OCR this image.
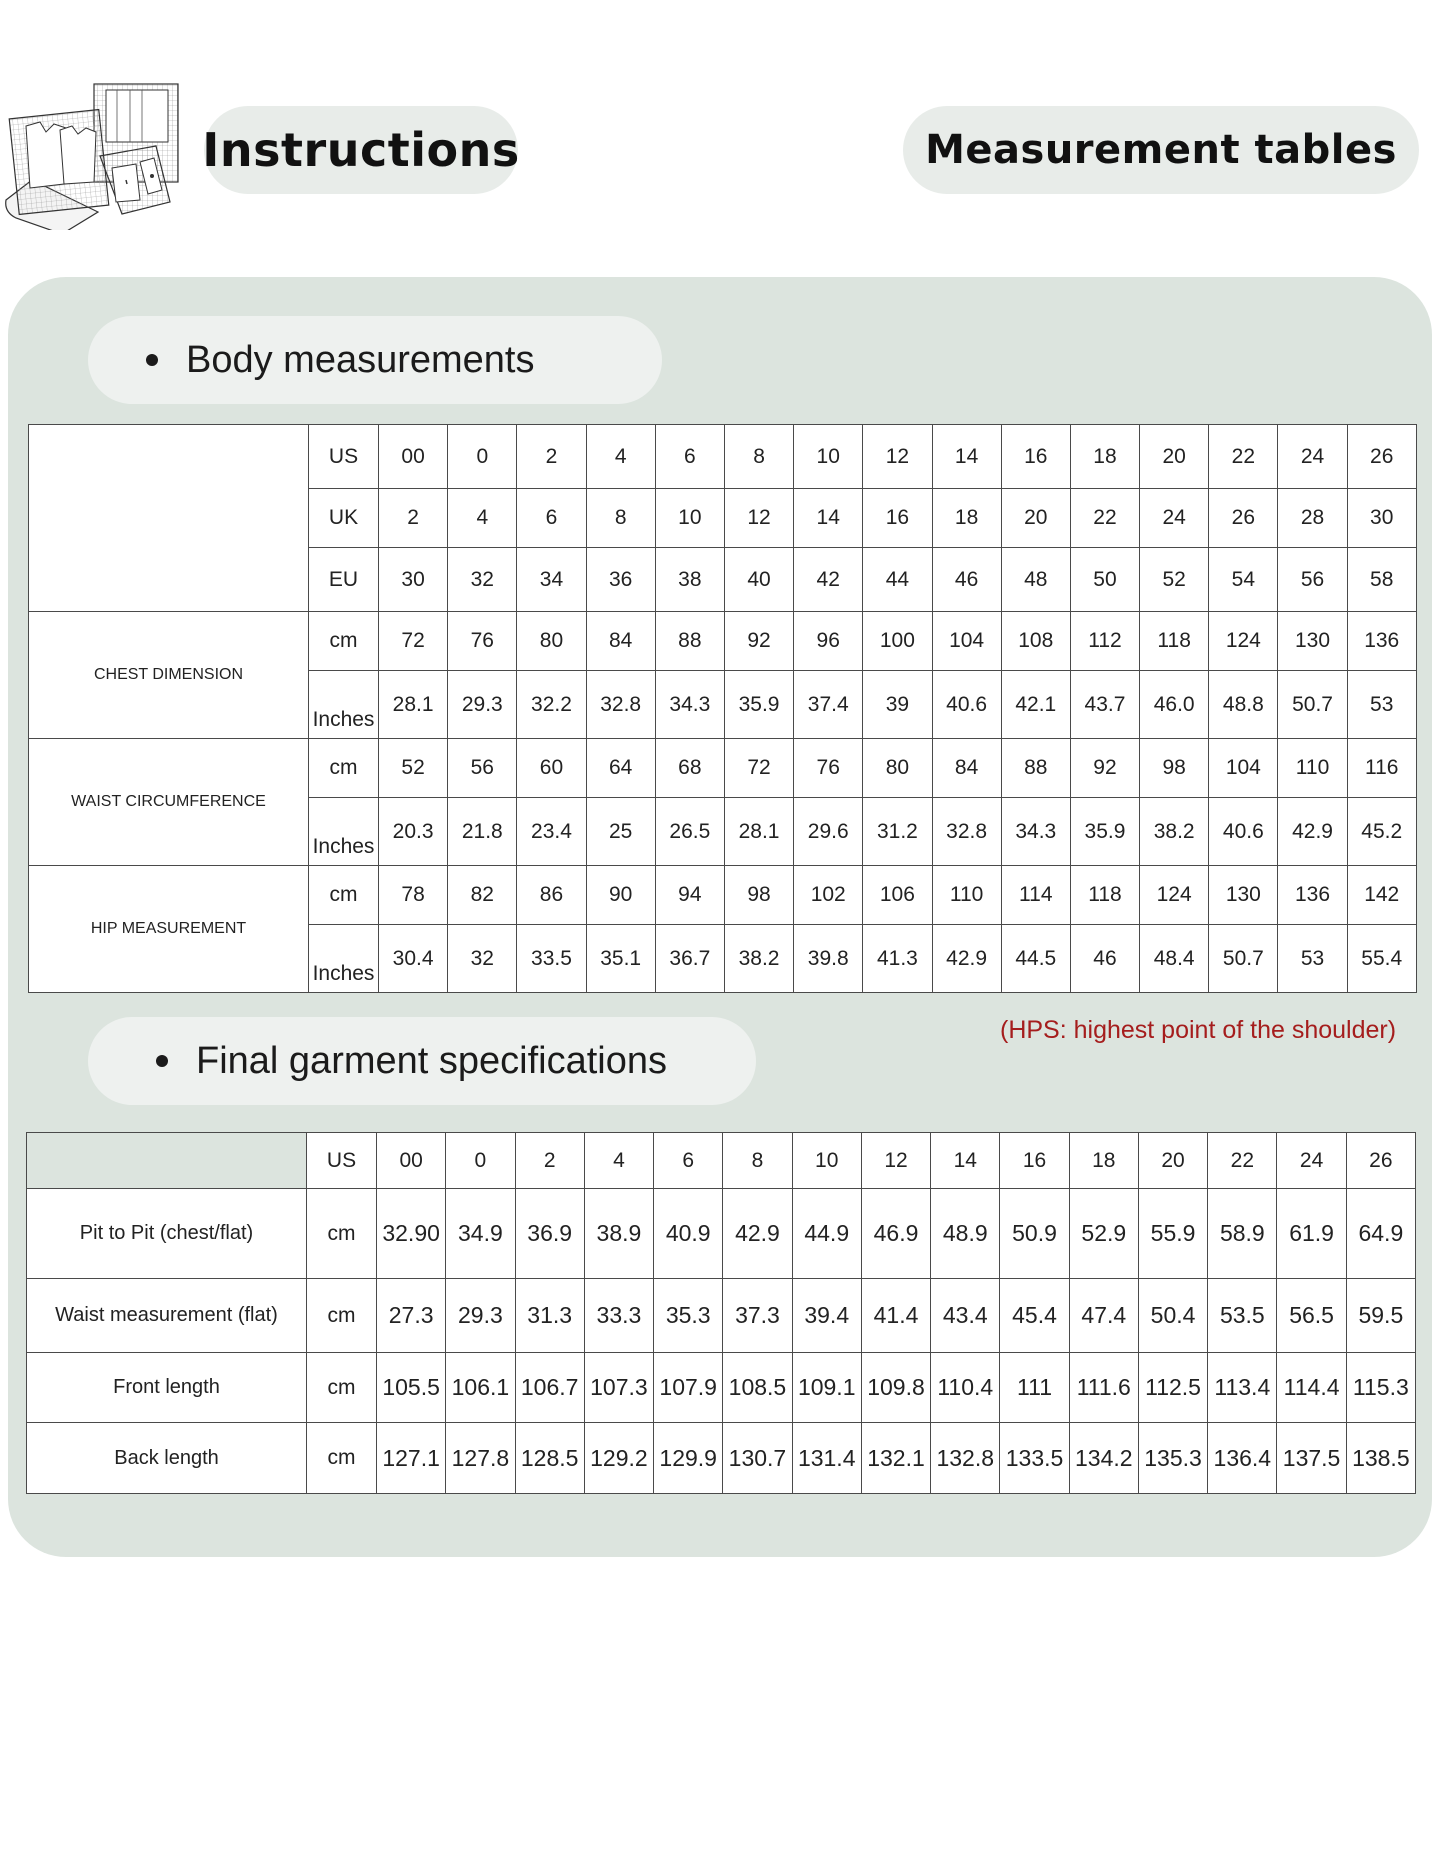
Instructions	Measurement tables
Body measurements
	US	00	0	2	4	6	8	10	12	14	16	18	20	22	24	26
	UK	2	4	6	8	10	12	14	16	18	20	22	24	26	28	30
	EU	30	32	34	36	38	40	42	44	46	48	50	52	54	56	58
CHEST DIMENSION	cm	72	76	80	84	88	92	96	100	104	108	112	118	124	130	136
	Inches	28.1	29.3	32.2	32.8	34.3	35.9	37.4	39	40.6	42.1	43.7	46.0	48.8	50.7	53
WAIST CIRCUMFERENCE	cm	52	56	60	64	68	72	76	80	84	88	92	98	104	110	116
	Inches	20.3	21.8	23.4	25	26.5	28.1	29.6	31.2	32.8	34.3	35.9	38.2	40.6	42.9	45.2
HIP MEASUREMENT	cm	78	82	86	90	94	98	102	106	110	114	118	124	130	136	142
	Inches	30.4	32	33.5	35.1	36.7	38.2	39.8	41.3	42.9	44.5	46	48.4	50.7	53	55.4
Final garment specifications
(HPS: highest point of the shoulder)
	US	00	0	2	4	6	8	10	12	14	16	18	20	22	24	26
Pit to Pit (chest/flat)	cm	32.90	34.9	36.9	38.9	40.9	42.9	44.9	46.9	48.9	50.9	52.9	55.9	58.9	61.9	64.9
Waist measurement (flat)	cm	27.3	29.3	31.3	33.3	35.3	37.3	39.4	41.4	43.4	45.4	47.4	50.4	53.5	56.5	59.5
Front length	cm	105.5	106.1	106.7	107.3	107.9	108.5	109.1	109.8	110.4	111	111.6	112.5	113.4	114.4	115.3
Back length	cm	127.1	127.8	128.5	129.2	129.9	130.7	131.4	132.1	132.8	133.5	134.2	135.3	136.4	137.5	138.5
